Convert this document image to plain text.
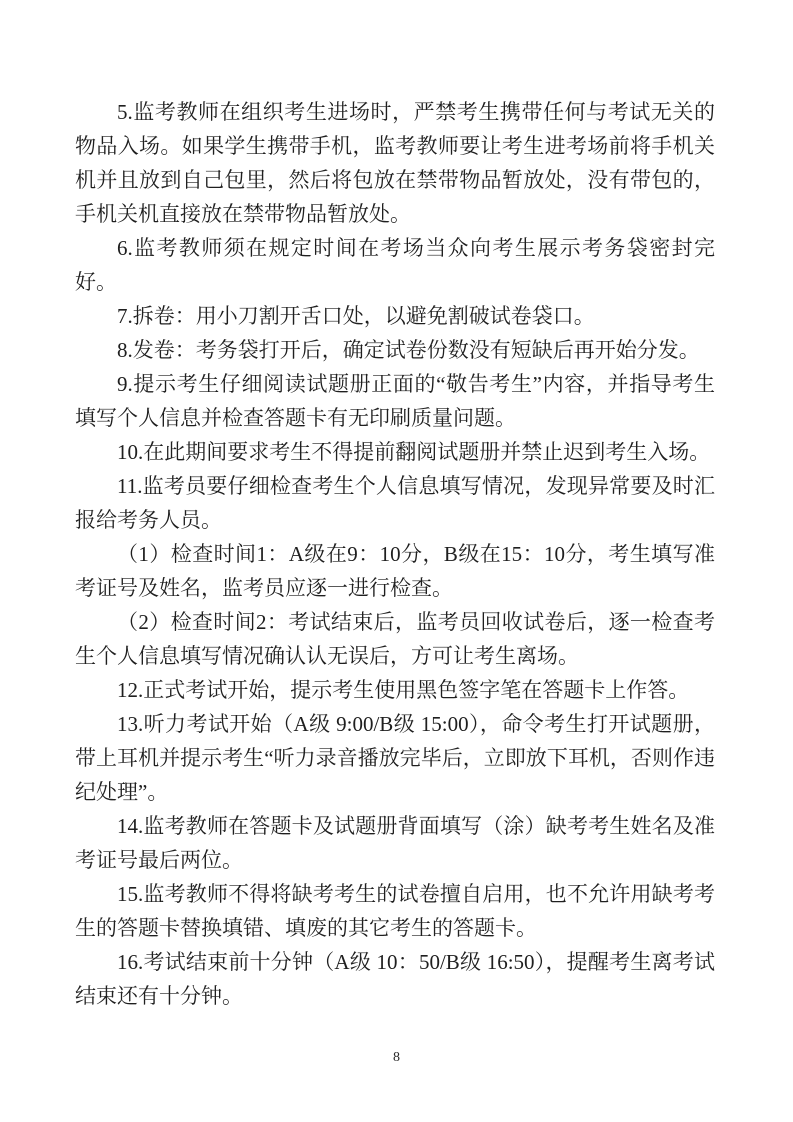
5.监考教师在组织考生进场时，严禁考生携带任何与考试无关的物品入场。如果学生携带手机，监考教师要让考生进考场前将手机关机并且放到自己包里，然后将包放在禁带物品暂放处，没有带包的，手机关机直接放在禁带物品暂放处。

6.监考教师须在规定时间在考场当众向考生展示考务袋密封完好。

7.拆卷：用小刀割开舌口处，以避免割破试卷袋口。

8.发卷：考务袋打开后，确定试卷份数没有短缺后再开始分发。

9.提示考生仔细阅读试题册正面的“敬告考生”内容，并指导考生填写个人信息并检查答题卡有无印刷质量问题。

10.在此期间要求考生不得提前翻阅试题册并禁止迟到考生入场。

11.监考员要仔细检查考生个人信息填写情况，发现异常要及时汇报给考务人员。

（1）检查时间1：A级在9：10分，B级在15：10分，考生填写准考证号及姓名，监考员应逐一进行检查。

（2）检查时间2：考试结束后，监考员回收试卷后，逐一检查考生个人信息填写情况确认认无误后，方可让考生离场。

12.正式考试开始，提示考生使用黑色签字笔在答题卡上作答。

13.听力考试开始（A级 9:00/B级 15:00），命令考生打开试题册，带上耳机并提示考生“听力录音播放完毕后，立即放下耳机，否则作违纪处理”。

14.监考教师在答题卡及试题册背面填写（涂）缺考考生姓名及准考证号最后两位。

15.监考教师不得将缺考考生的试卷擅自启用，也不允许用缺考考生的答题卡替换填错、填废的其它考生的答题卡。

16.考试结束前十分钟（A级 10：50/B级 16:50），提醒考生离考试结束还有十分钟。

8
